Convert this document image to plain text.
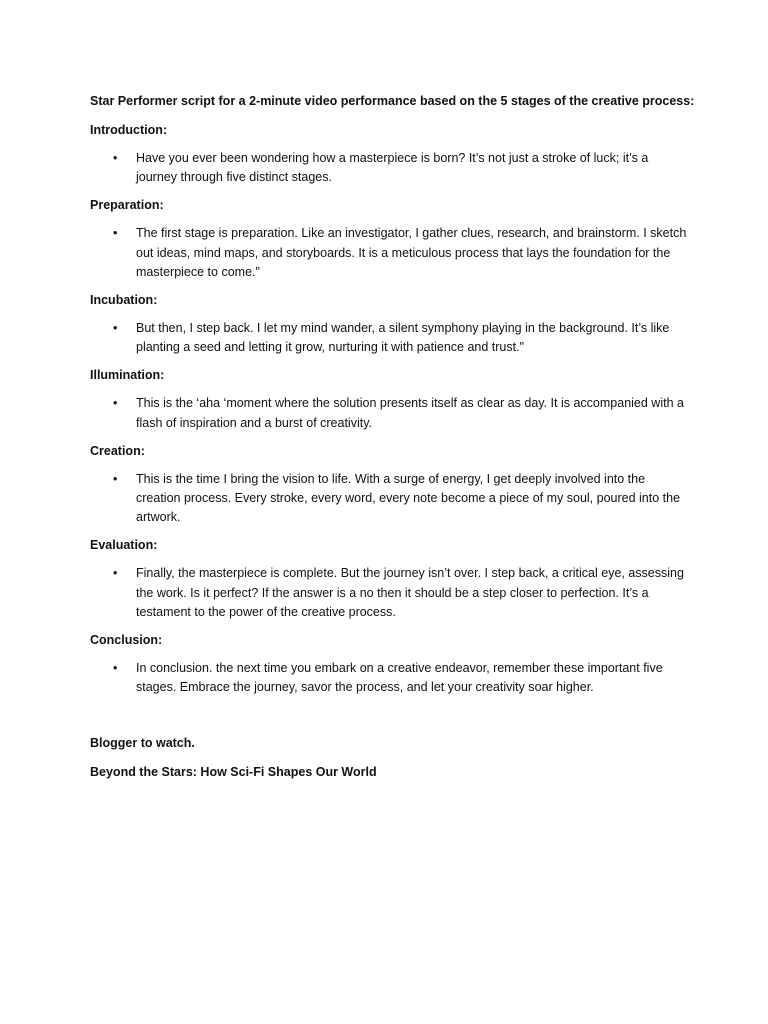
Star Performer script for a 2-minute video performance based on the 5 stages of the creative process:

Introduction:

• Have you ever been wondering how a masterpiece is born? It’s not just a stroke of luck; it’s a journey through five distinct stages.

Preparation:

• The first stage is preparation. Like an investigator, I gather clues, research, and brainstorm. I sketch out ideas, mind maps, and storyboards. It is a meticulous process that lays the foundation for the masterpiece to come."

Incubation:

• But then, I step back. I let my mind wander, a silent symphony playing in the background. It’s like planting a seed and letting it grow, nurturing it with patience and trust."

Illumination:

• This is the ‘aha ‘moment where the solution presents itself as clear as day. It is accompanied with a flash of inspiration and a burst of creativity.

Creation:

• This is the time I bring the vision to life. With a surge of energy, I get deeply involved into the creation process. Every stroke, every word, every note become a piece of my soul, poured into the artwork.

Evaluation:

• Finally, the masterpiece is complete. But the journey isn’t over. I step back, a critical eye, assessing the work. Is it perfect? If the answer is a no then it should be a step closer to perfection. It’s a testament to the power of the creative process.

Conclusion:

• In conclusion. the next time you embark on a creative endeavor, remember these important five stages. Embrace the journey, savor the process, and let your creativity soar higher.

Blogger to watch.

Beyond the Stars: How Sci-Fi Shapes Our World
